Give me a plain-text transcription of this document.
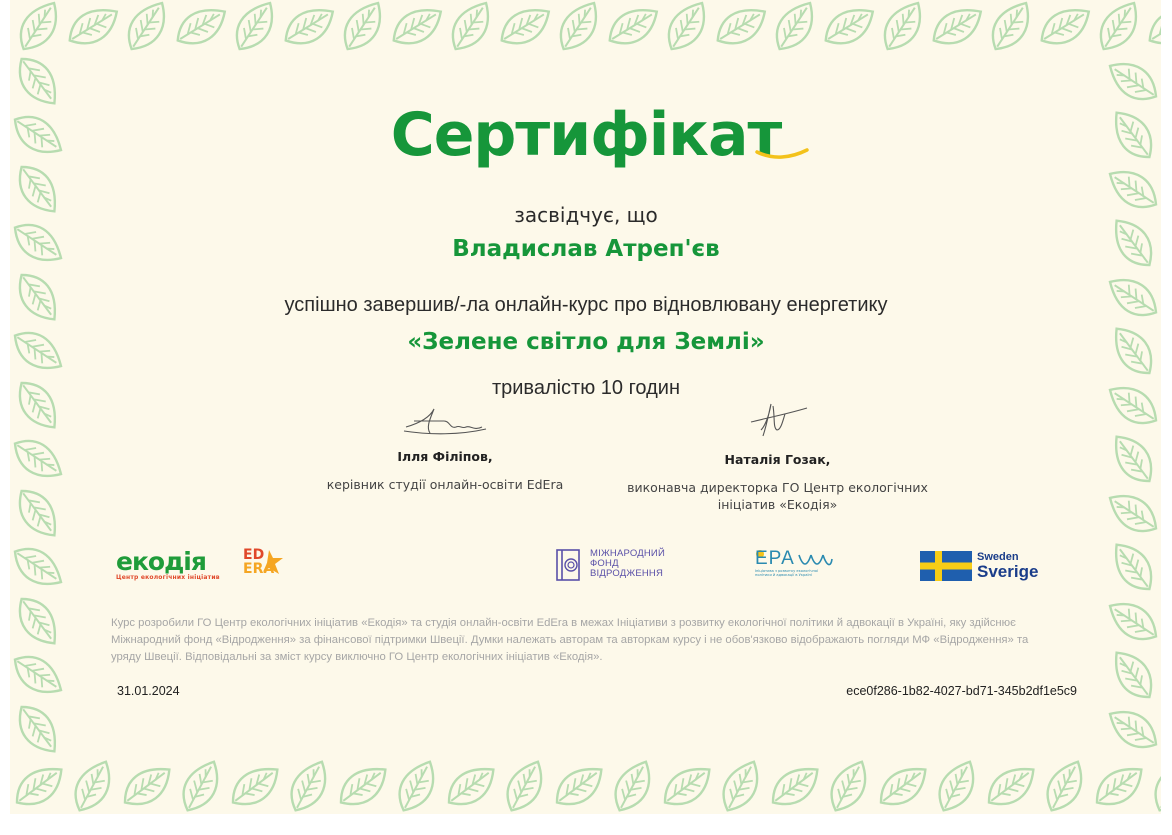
Сертифікат
засвідчує, що
Владислав Атреп'єв
успішно завершив/-ла онлайн-курс про відновлювану енергетику
«Зелене світло для Землі»
тривалістю 10 годин
Ілля Філіпов,
керівник студії онлайн-освіти EdEra
Наталія Гозак,
виконавча директорка ГО Центр екологічних
ініціатив «Екодія»
екодія
Центр екологічних ініціатив
ED
ERA
МІЖНАРОДНИЙ
ФОНД
ВІДРОДЖЕННЯ
ЕРА
Ініціатива з розвитку екологічної політики й адвокації в Україні
Sweden
Sverige
Курс розробили ГО Центр екологічних ініціатив «Екодія» та студія онлайн-освіти EdEra в межах Ініціативи з розвитку екологічної політики й адвокації в Україні, яку здійснює Міжнародний фонд «Відродження» за фінансової підтримки Швеції. Думки належать авторам та авторкам курсу і не обов'язково відображають погляди МФ «Відродження» та уряду Швеції. Відповідальні за зміст курсу виключно ГО Центр екологічних ініціатив «Екодія».
31.01.2024	ece0f286-1b82-4027-bd71-345b2df1e5c9
